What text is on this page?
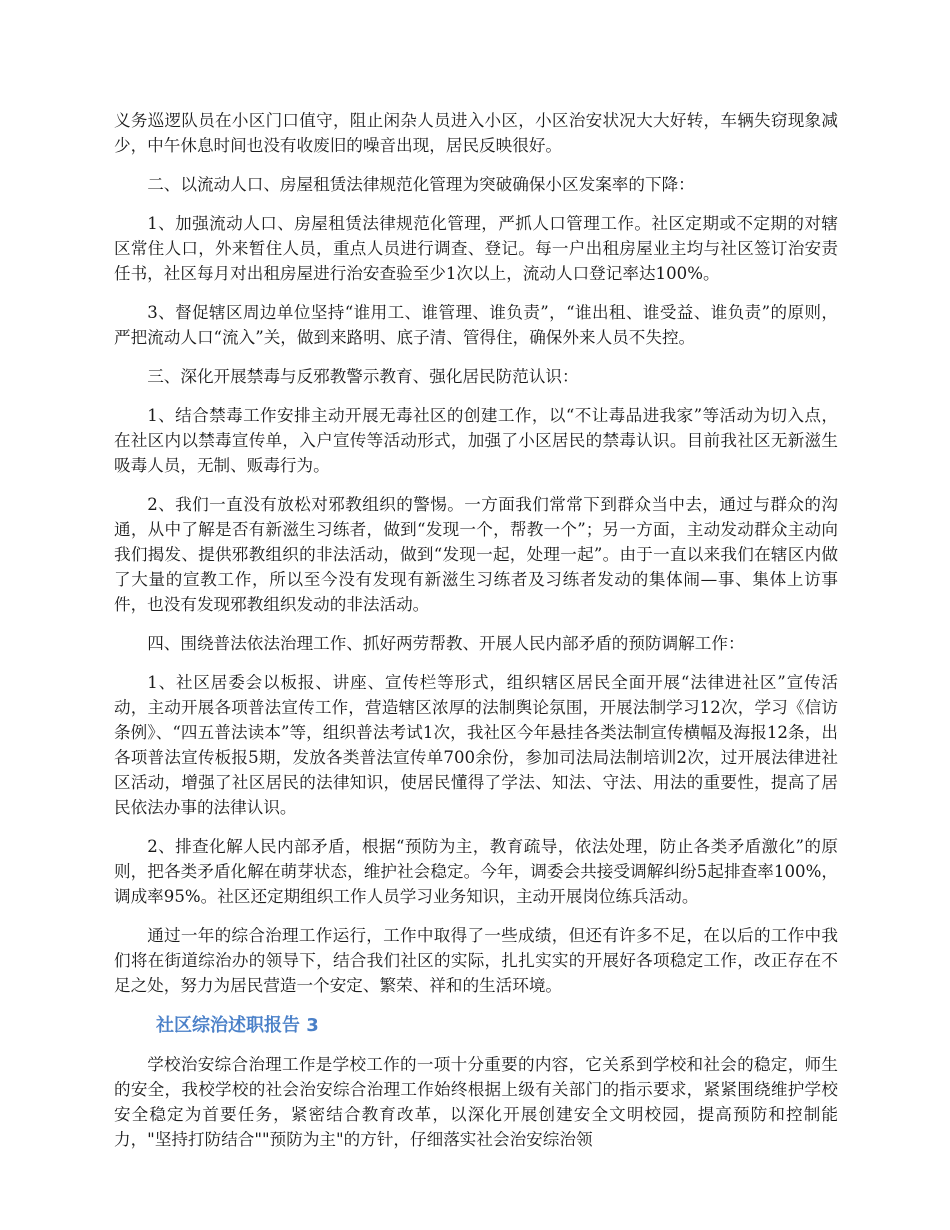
义务巡逻队员在小区门口值守，阻止闲杂人员进入小区，小区治安状况大大好转，车辆失窃现象减少，中午休息时间也没有收废旧的噪音出现，居民反映很好。

二、以流动人口、房屋租赁法律规范化管理为突破确保小区发案率的下降：

1、加强流动人口、房屋租赁法律规范化管理，严抓人口管理工作。社区定期或不定期的对辖区常住人口，外来暂住人员，重点人员进行调查、登记。每一户出租房屋业主均与社区签订治安责任书，社区每月对出租房屋进行治安查验至少1次以上，流动人口登记率达100%。

3、督促辖区周边单位坚持“谁用工、谁管理、谁负责”，“谁出租、谁受益、谁负责”的原则，严把流动人口“流入”关，做到来路明、底子清、管得住，确保外来人员不失控。

三、深化开展禁毒与反邪教警示教育、强化居民防范认识：

1、结合禁毒工作安排主动开展无毒社区的创建工作，以“不让毒品进我家”等活动为切入点，在社区内以禁毒宣传单，入户宣传等活动形式，加强了小区居民的禁毒认识。目前我社区无新滋生吸毒人员，无制、贩毒行为。

2、我们一直没有放松对邪教组织的警惕。一方面我们常常下到群众当中去，通过与群众的沟通，从中了解是否有新滋生习练者，做到“发现一个，帮教一个”；另一方面，主动发动群众主动向我们揭发、提供邪教组织的非法活动，做到“发现一起，处理一起”。由于一直以来我们在辖区内做了大量的宣教工作，所以至今没有发现有新滋生习练者及习练者发动的集体闹—事、集体上访事件，也没有发现邪教组织发动的非法活动。

四、围绕普法依法治理工作、抓好两劳帮教、开展人民内部矛盾的预防调解工作：

1、社区居委会以板报、讲座、宣传栏等形式，组织辖区居民全面开展“法律进社区”宣传活动，主动开展各项普法宣传工作，营造辖区浓厚的法制舆论氛围，开展法制学习12次，学习《信访条例》、“四五普法读本”等，组织普法考试1次，我社区今年悬挂各类法制宣传横幅及海报12条，出各项普法宣传板报5期，发放各类普法宣传单700余份，参加司法局法制培训2次，过开展法律进社区活动，增强了社区居民的法律知识，使居民懂得了学法、知法、守法、用法的重要性，提高了居民依法办事的法律认识。

2、排查化解人民内部矛盾，根据“预防为主，教育疏导，依法处理，防止各类矛盾激化”的原则，把各类矛盾化解在萌芽状态，维护社会稳定。今年，调委会共接受调解纠纷5起排查率100%，调成率95%。社区还定期组织工作人员学习业务知识，主动开展岗位练兵活动。

通过一年的综合治理工作运行，工作中取得了一些成绩，但还有许多不足，在以后的工作中我们将在街道综治办的领导下，结合我们社区的实际，扎扎实实的开展好各项稳定工作，改正存在不足之处，努力为居民营造一个安定、繁荣、祥和的生活环境。

社区综治述职报告 3

学校治安综合治理工作是学校工作的一项十分重要的内容，它关系到学校和社会的稳定，师生的安全，我校学校的社会治安综合治理工作始终根据上级有关部门的指示要求，紧紧围绕维护学校安全稳定为首要任务，紧密结合教育改革，以深化开展创建安全文明校园，提高预防和控制能力，"坚持打防结合""预防为主"的方针，仔细落实社会治安综治领
